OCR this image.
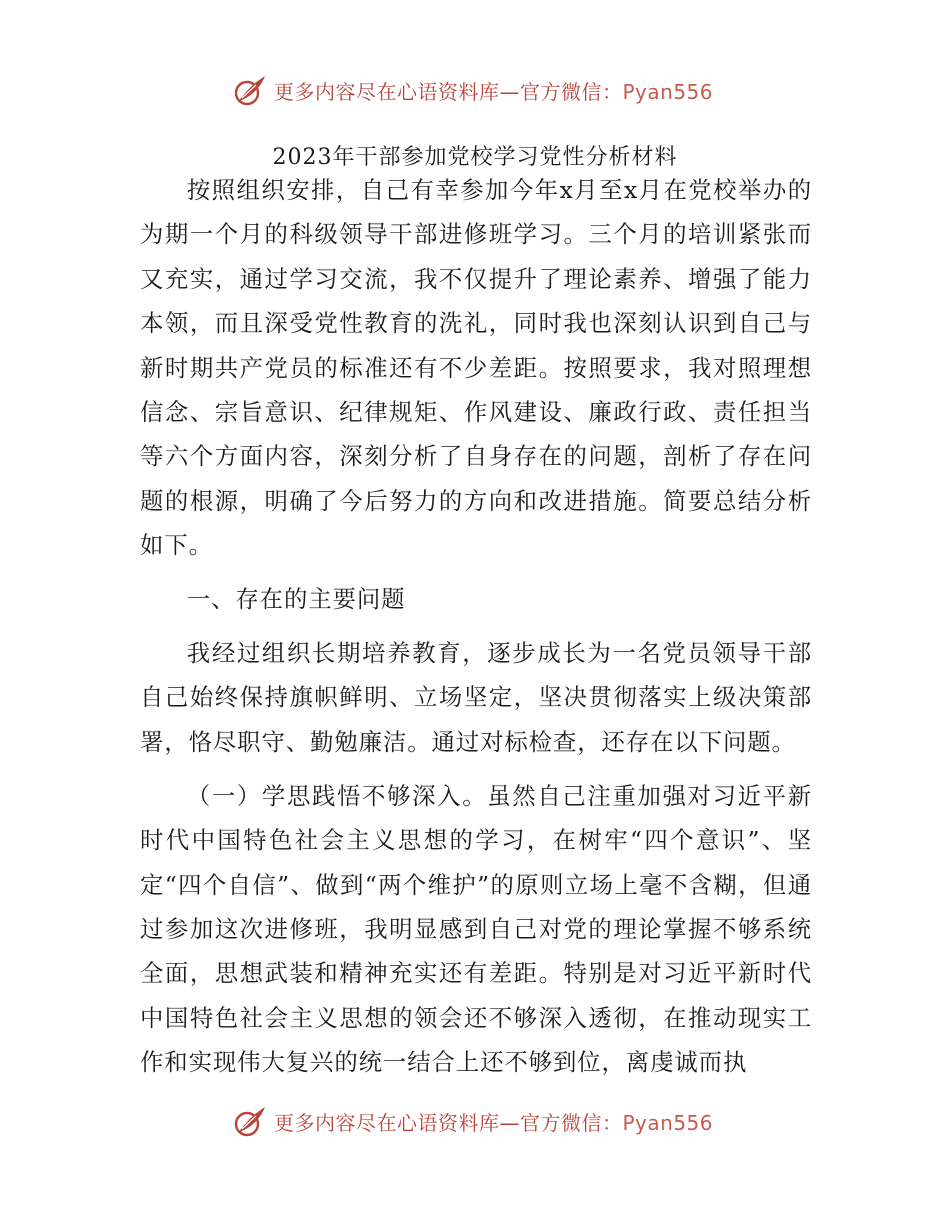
更多内容尽在心语资料库—官方微信：Pyan556
2023年干部参加党校学习党性分析材料

按照组织安排，自己有幸参加今年x月至x月在党校举办的为期一个月的科级领导干部进修班学习。三个月的培训紧张而又充实，通过学习交流，我不仅提升了理论素养、增强了能力本领，而且深受党性教育的洗礼，同时我也深刻认识到自己与新时期共产党员的标准还有不少差距。按照要求，我对照理想信念、宗旨意识、纪律规矩、作风建设、廉政行政、责任担当等六个方面内容，深刻分析了自身存在的问题，剖析了存在问题的根源，明确了今后努力的方向和改进措施。简要总结分析如下。

一、存在的主要问题

我经过组织长期培养教育，逐步成长为一名党员领导干部自己始终保持旗帜鲜明、立场坚定，坚决贯彻落实上级决策部署，恪尽职守、勤勉廉洁。通过对标检查，还存在以下问题。

（一）学思践悟不够深入。虽然自己注重加强对习近平新时代中国特色社会主义思想的学习，在树牢“四个意识”、坚定“四个自信”、做到“两个维护”的原则立场上毫不含糊，但通过参加这次进修班，我明显感到自己对党的理论掌握不够系统全面，思想武装和精神充实还有差距。特别是对习近平新时代中国特色社会主义思想的领会还不够深入透彻，在推动现实工作和实现伟大复兴的统一结合上还不够到位，离虔诚而执

更多内容尽在心语资料库—官方微信：Pyan556
